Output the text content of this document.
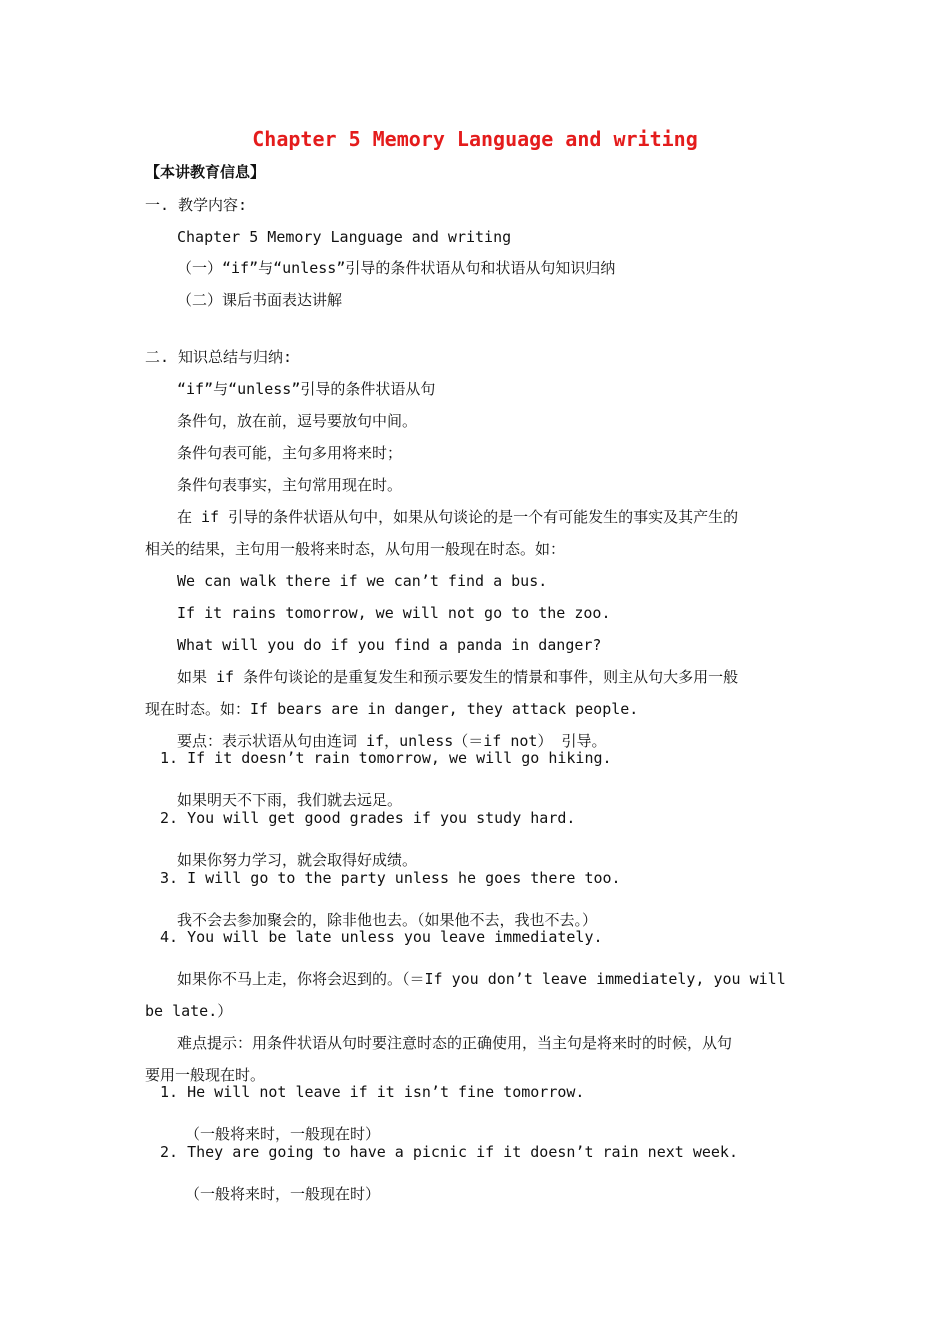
Chapter 5 Memory Language and writing
【本讲教育信息】
一. 教学内容:
Chapter 5 Memory Language and writing
（一）“if”与“unless”引导的条件状语从句和状语从句知识归纳
（二）课后书面表达讲解
二. 知识总结与归纳:
“if”与“unless”引导的条件状语从句
条件句，放在前，逗号要放句中间。
条件句表可能，主句多用将来时；
条件句表事实，主句常用现在时。
在 if 引导的条件状语从句中，如果从句谈论的是一个有可能发生的事实及其产生的
相关的结果，主句用一般将来时态，从句用一般现在时态。如：
We can walk there if we can’t find a bus.
If it rains tomorrow, we will not go to the zoo.
What will you do if you find a panda in danger?
如果 if 条件句谈论的是重复发生和预示要发生的情景和事件，则主从句大多用一般
现在时态。如：If bears are in danger, they attack people.
要点：表示状语从句由连词 if，unless（＝if not） 引导。
1. If it doesn’t rain tomorrow, we will go hiking.
如果明天不下雨，我们就去远足。
2. You will get good grades if you study hard.
如果你努力学习，就会取得好成绩。
3. I will go to the party unless he goes there too.
我不会去参加聚会的，除非他也去。（如果他不去，我也不去。）
4. You will be late unless you leave immediately.
如果你不马上走，你将会迟到的。（＝If you don’t leave immediately, you will
be late.）
难点提示：用条件状语从句时要注意时态的正确使用，当主句是将来时的时候，从句
要用一般现在时。
1. He will not leave if it isn’t fine tomorrow.
（一般将来时，一般现在时）
2. They are going to have a picnic if it doesn’t rain next week.
（一般将来时，一般现在时）
